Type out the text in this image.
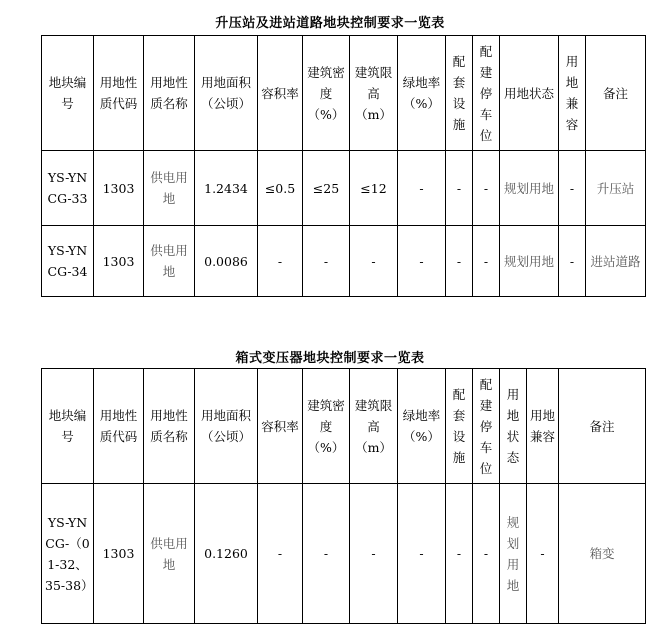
升压站及进站道路地块控制要求一览表
地块编号	用地性质代码	用地性质名称	用地面积（公顷）	容积率	建筑密度（%）	建筑限高（m）	绿地率（%）	配套设施	配建停车位	用地状态	用地兼容	备注
YS-YNCG-33	1303	供电用地	1.2434	≤0.5	≤25	≤12	-	-	-	规划用地	-	升压站
YS-YNCG-34	1303	供电用地	0.0086	-	-	-	-	-	-	规划用地	-	进站道路
箱式变压器地块控制要求一览表
地块编号	用地性质代码	用地性质名称	用地面积（公顷）	容积率	建筑密度（%）	建筑限高（m）	绿地率（%）	配套设施	配建停车位	用地状态	用地兼容	备注
YS-YNCG-（01-32、35-38）	1303	供电用地	0.1260	-	-	-	-	-	-	规划用地	-	箱变
